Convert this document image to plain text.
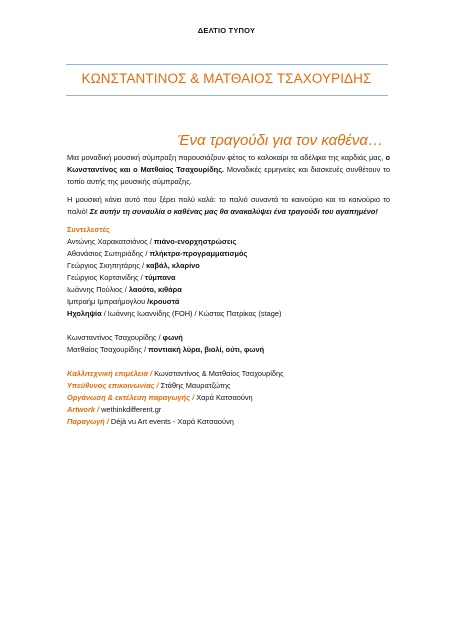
ΔΕΛΤΙΟ ΤΥΠΟΥ
ΚΩΝΣΤΑΝΤΙΝΟΣ & ΜΑΤΘΑΙΟΣ ΤΣΑΧΟΥΡΙΔΗΣ
Ένα τραγούδι για τον καθένα…

Μια μοναδική μουσική σύμπραξη παρουσιάζουν φέτος το καλοκαίρι τα αδέλφια της καρδιάς μας, ο Κωνσταντίνος και ο Ματθαίος Τσαχουρίδης. Μοναδικές ερμηνείες και διασκευές συνθέτουν το τοπίο αυτής της μουσικής σύμπραξης.

Η μουσική κάνει αυτό που ξέρει πολύ καλά: το παλιό συναντά το καινούριο και το καινούριο το παλιό! Σε αυτήν τη συναυλία ο καθένας μας θα ανακαλύψει ένα τραγούδι του αγαπημένο!

Συντελεστές
Αντώνης Χαρακατσιάνος / πιάνο-ενορχηστρώσεις
Αθανάσιος Σωτηριάδης / πλήκτρα-προγραμματισμός
Γεώργιος Σκηπητάρης / καβάλ, κλαρίνο
Γεώργιος Κορτσινίδης / τύμπανα
Ιωάννης Πούλιος / λαούτο, κιθάρα
Ιμπραήμ Ιμπραήμογλου /κρουστά
Ηχοληψία / Ιωάννης Ιωαννίδης (FOH) / Κώστας Πατρίκας (stage)
Κωνσταντίνος Τσαχουρίδης / φωνή
Ματθαίος Τσαχουρίδης / ποντιακή λύρα, βιολί, ούτι, φωνή
Καλλιτεχνική επιμέλεια / Κωνσταντίνος & Ματθαίος Τσαχουρίδης
Υπεύθυνος επικοινωνίας / Στάθης Μαυρατζώτης
Οργάνωση & εκτέλεση παραγωγής / Χαρά Κατσαούνη
Artwork / wethinkdifferent.gr
Παραγωγή / Déjà vu Art events - Χαρά Κατσαούνη
